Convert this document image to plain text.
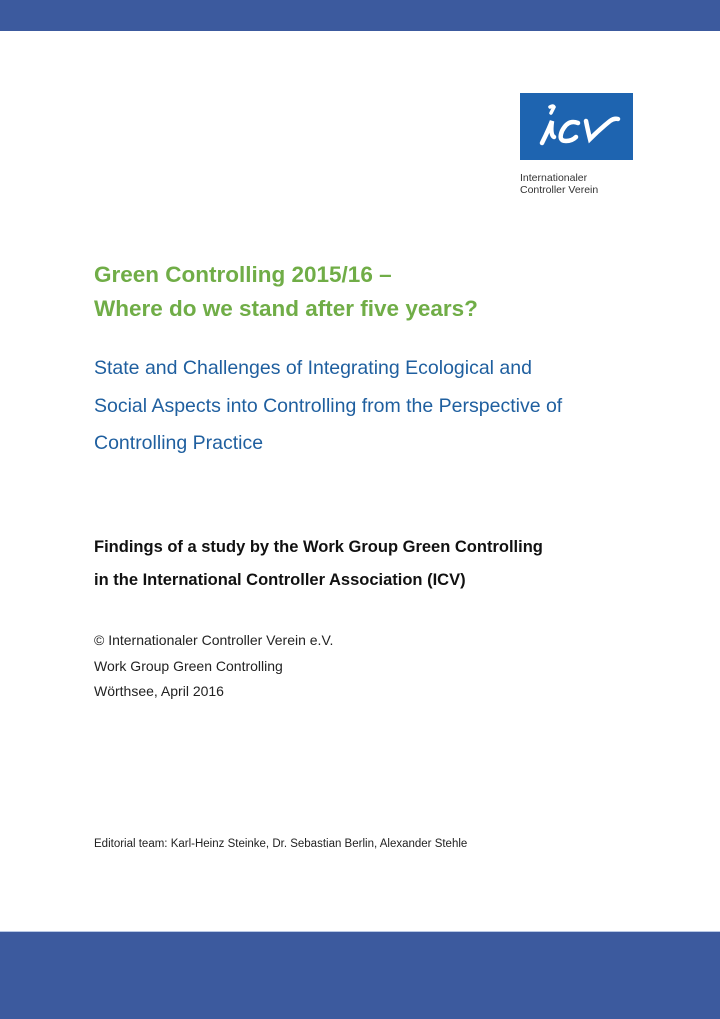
Internationaler
Controller Verein
Green Controlling 2015/16 –
Where do we stand after five years?
State and Challenges of Integrating Ecological and
Social Aspects into Controlling from the Perspective of
Controlling Practice
Findings of a study by the Work Group Green Controlling
in the International Controller Association (ICV)
© Internationaler Controller Verein e.V.
Work Group Green Controlling
Wörthsee, April 2016
Editorial team: Karl-Heinz Steinke, Dr. Sebastian Berlin, Alexander Stehle
